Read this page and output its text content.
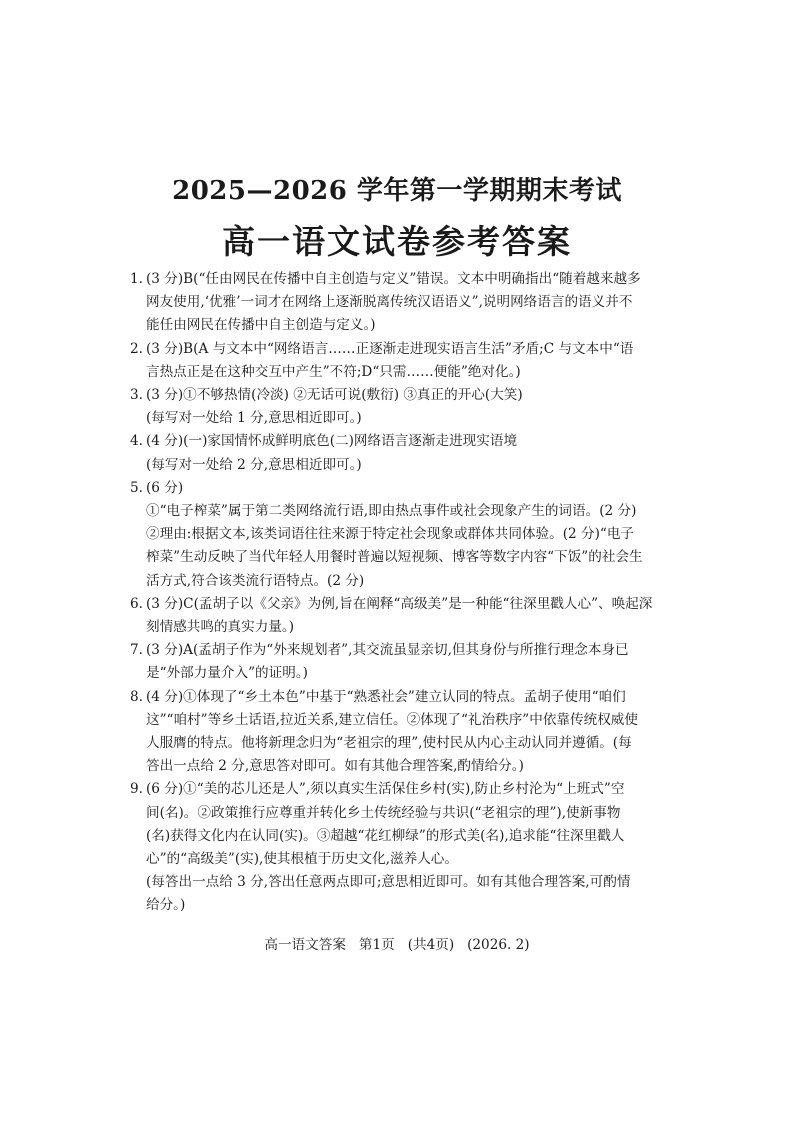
2025—2026 学年第一学期期末考试
高一语文试卷参考答案
1. (3 分)B(“任由网民在传播中自主创造与定义”错误。文本中明确指出“随着越来越多
网友使用,‘优雅’一词才在网络上逐渐脱离传统汉语语义”,说明网络语言的语义并不
能任由网民在传播中自主创造与定义。)
2. (3 分)B(A 与文本中“网络语言……正逐渐走进现实语言生活”矛盾;C 与文本中“语
言热点正是在这种交互中产生”不符;D“只需……便能”绝对化。)
3. (3 分)①不够热情(冷淡) ②无话可说(敷衍) ③真正的开心(大笑)
(每写对一处给 1 分,意思相近即可。)
4. (4 分)(一)家国情怀成鲜明底色(二)网络语言逐渐走进现实语境
(每写对一处给 2 分,意思相近即可。)
5. (6 分)
①“电子榨菜”属于第二类网络流行语,即由热点事件或社会现象产生的词语。(2 分)
②理由:根据文本,该类词语往往来源于特定社会现象或群体共同体验。(2 分)“电子
榨菜”生动反映了当代年轻人用餐时普遍以短视频、博客等数字内容“下饭”的社会生
活方式,符合该类流行语特点。(2 分)
6. (3 分)C(孟胡子以《父亲》为例,旨在阐释“高级美”是一种能“往深里戳人心”、唤起深
刻情感共鸣的真实力量。)
7. (3 分)A(孟胡子作为“外来规划者”,其交流虽显亲切,但其身份与所推行理念本身已
是“外部力量介入”的证明。)
8. (4 分)①体现了“乡土本色”中基于“熟悉社会”建立认同的特点。孟胡子使用“咱们
这”“咱村”等乡土话语,拉近关系,建立信任。②体现了“礼治秩序”中依靠传统权威使
人服膺的特点。他将新理念归为“老祖宗的理”,使村民从内心主动认同并遵循。(每
答出一点给 2 分,意思答对即可。如有其他合理答案,酌情给分。)
9. (6 分)①“美的芯儿还是人”,须以真实生活保住乡村(实),防止乡村沦为“上班式”空
间(名)。②政策推行应尊重并转化乡土传统经验与共识(“老祖宗的理”),使新事物
(名)获得文化内在认同(实)。③超越“花红柳绿”的形式美(名),追求能“往深里戳人
心”的“高级美”(实),使其根植于历史文化,滋养人心。
(每答出一点给 3 分,答出任意两点即可;意思相近即可。如有其他合理答案,可酌情
给分。)
高一语文答案   第1页   (共4页)   (2026. 2)
